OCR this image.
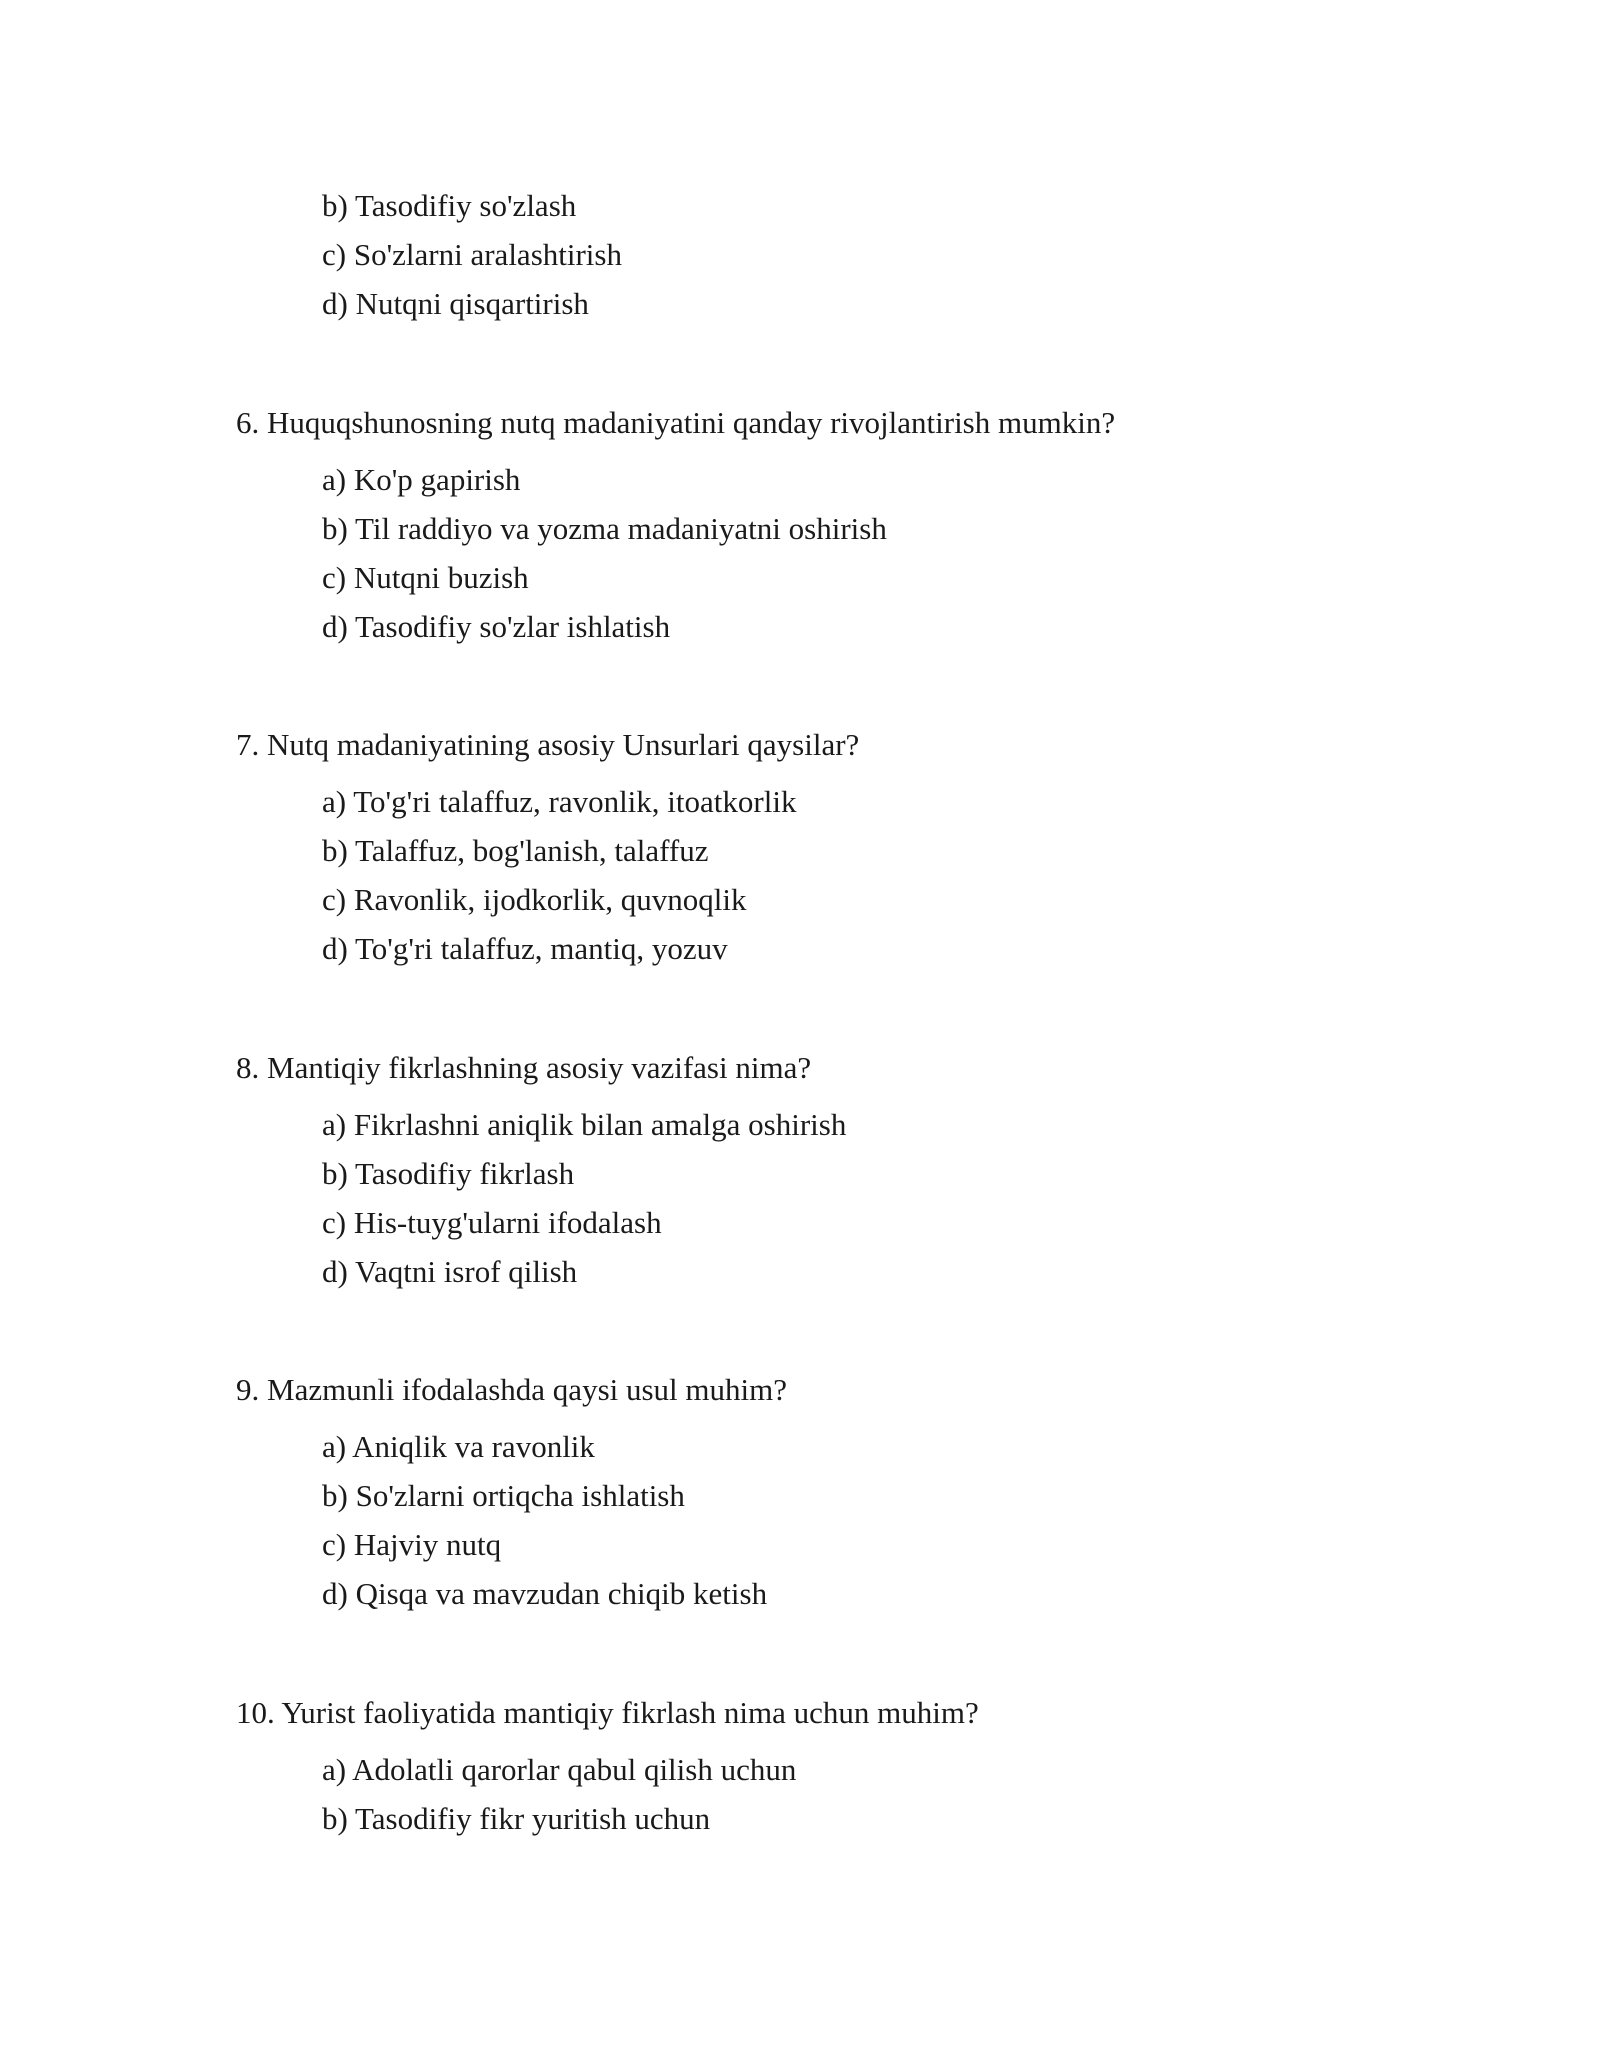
b) Tasodifiy so'zlash
c) So'zlarni aralashtirish
d) Nutqni qisqartirish
6. Huquqshunosning nutq madaniyatini qanday rivojlantirish mumkin?
a) Ko'p gapirish
b) Til raddiyo va yozma madaniyatni oshirish
c) Nutqni buzish
d) Tasodifiy so'zlar ishlatish
7. Nutq madaniyatining asosiy Unsurlari qaysilar?
a) To'g'ri talaffuz, ravonlik, itoatkorlik
b) Talaffuz, bog'lanish, talaffuz
c) Ravonlik, ijodkorlik, quvnoqlik
d) To'g'ri talaffuz, mantiq, yozuv
8. Mantiqiy fikrlashning asosiy vazifasi nima?
a) Fikrlashni aniqlik bilan amalga oshirish
b) Tasodifiy fikrlash
c) His-tuyg'ularni ifodalash
d) Vaqtni isrof qilish
9. Mazmunli ifodalashda qaysi usul muhim?
a) Aniqlik va ravonlik
b) So'zlarni ortiqcha ishlatish
c) Hajviy nutq
d) Qisqa va mavzudan chiqib ketish
10. Yurist faoliyatida mantiqiy fikrlash nima uchun muhim?
a) Adolatli qarorlar qabul qilish uchun
b) Tasodifiy fikr yuritish uchun
